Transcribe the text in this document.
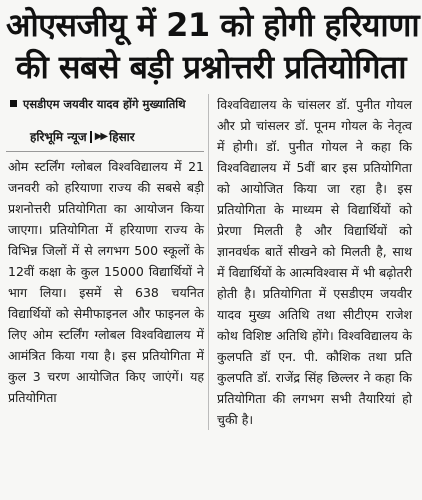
ओएसजीयू में 21 को होगी हरियाणा
की सबसे बड़ी प्रश्नोत्तरी प्रतियोगिता
एसडीएम जयवीर यादव होंगे मुख्यातिथि
हरिभूमि न्यूज ▶▶ हिसार

ओम स्टर्लिंग ग्लोबल विश्वविद्यालय में 21 जनवरी को हरियाणा राज्य की सबसे बड़ी प्रशनोत्तरी प्रतियोगिता का आयोजन किया जाएगा। प्रतियोगिता में हरियाणा राज्य के विभिन्न जिलों में से लगभग 500 स्कूलों के 12वीं कक्षा के कुल 15000 विद्यार्थियों ने भाग लिया। इसमें से 638 चयनित विद्यार्थियों को सेमीफाइनल और फाइनल के लिए ओम स्टर्लिंग ग्लोबल विश्वविद्यालय में आमंत्रित किया गया है। इस प्रतियोगिता में कुल 3 चरण आयोजित किए जाएंगें। यह प्रतियोगिता

विश्वविद्यालय के चांसलर डॉ. पुनीत गोयल और प्रो चांसलर डॉ. पूनम गोयल के नेतृत्व में होगी। डॉ. पुनीत गोयल ने कहा कि विश्वविद्यालय में 5वीं बार इस प्रतियोगिता को आयोजित किया जा रहा है। इस प्रतियोगिता के माध्यम से विद्यार्थियों को प्रेरणा मिलती है और विद्यार्थियों को ज्ञानवर्धक बातें सीखने को मिलती है, साथ में विद्यार्थियों के आत्मविश्वास में भी बढ़ोतरी होती है। प्रतियोगिता में एसडीएम जयवीर यादव मुख्य अतिथि तथा सीटीएम राजेश कोथ विशिष्ट अतिथि होंगे। विश्वविद्यालय के कुलपति डॉ एन. पी. कौशिक तथा प्रति कुलपति डॉ. राजेंद्र सिंह छिल्लर ने कहा कि प्रतियोगिता की लगभग सभी तैयारियां हो चुकी है।
